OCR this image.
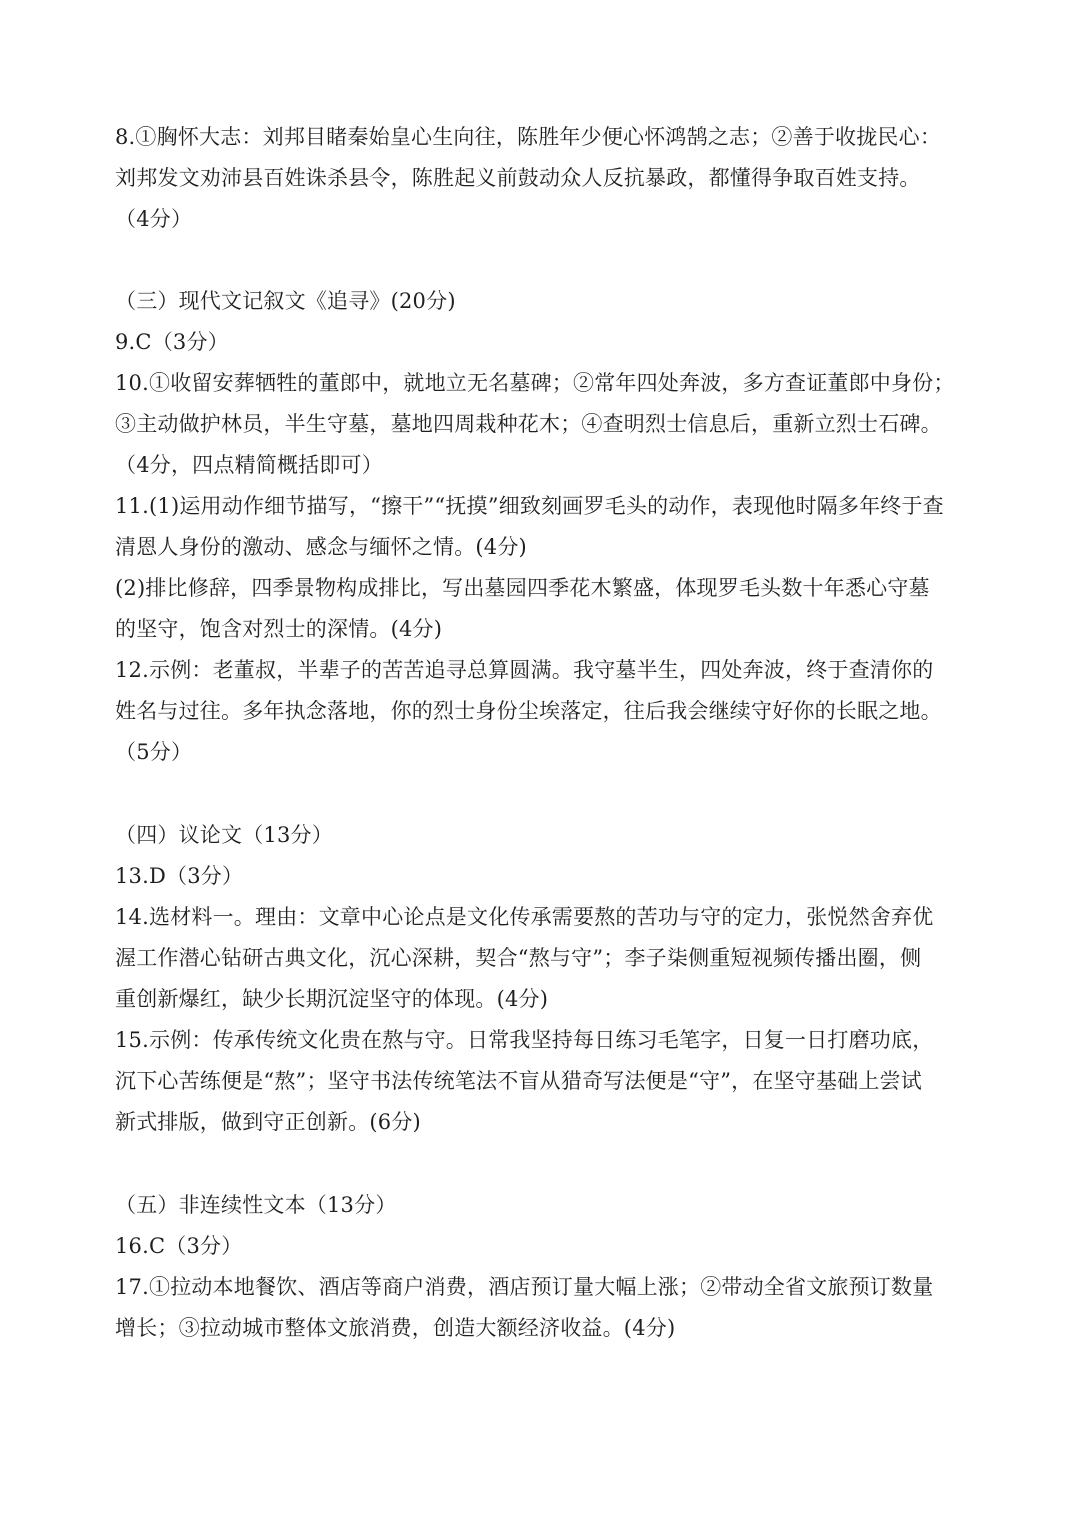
8.①胸怀大志：刘邦目睹秦始皇心生向往，陈胜年少便心怀鸿鹄之志；②善于收拢民心：
刘邦发文劝沛县百姓诛杀县令，陈胜起义前鼓动众人反抗暴政，都懂得争取百姓支持。
（4分）
（三）现代文记叙文《追寻》(20分)
9.C（3分）
10.①收留安葬牺牲的董郎中，就地立无名墓碑；②常年四处奔波，多方查证董郎中身份；
③主动做护林员，半生守墓，墓地四周栽种花木；④查明烈士信息后，重新立烈士石碑。
（4分，四点精简概括即可）
11.(1)运用动作细节描写，“擦干”“抚摸”细致刻画罗毛头的动作，表现他时隔多年终于查
清恩人身份的激动、感念与缅怀之情。(4分)
(2)排比修辞，四季景物构成排比，写出墓园四季花木繁盛，体现罗毛头数十年悉心守墓
的坚守，饱含对烈士的深情。(4分)
12.示例：老董叔，半辈子的苦苦追寻总算圆满。我守墓半生，四处奔波，终于查清你的
姓名与过往。多年执念落地，你的烈士身份尘埃落定，往后我会继续守好你的长眠之地。
（5分）
（四）议论文（13分）
13.D（3分）
14.选材料一。理由：文章中心论点是文化传承需要熬的苦功与守的定力，张悦然舍弃优
渥工作潜心钻研古典文化，沉心深耕，契合“熬与守”；李子柒侧重短视频传播出圈，侧
重创新爆红，缺少长期沉淀坚守的体现。(4分)
15.示例：传承传统文化贵在熬与守。日常我坚持每日练习毛笔字，日复一日打磨功底，
沉下心苦练便是“熬”；坚守书法传统笔法不盲从猎奇写法便是“守”，在坚守基础上尝试
新式排版，做到守正创新。(6分)
（五）非连续性文本（13分）
16.C（3分）
17.①拉动本地餐饮、酒店等商户消费，酒店预订量大幅上涨；②带动全省文旅预订数量
增长；③拉动城市整体文旅消费，创造大额经济收益。(4分)
